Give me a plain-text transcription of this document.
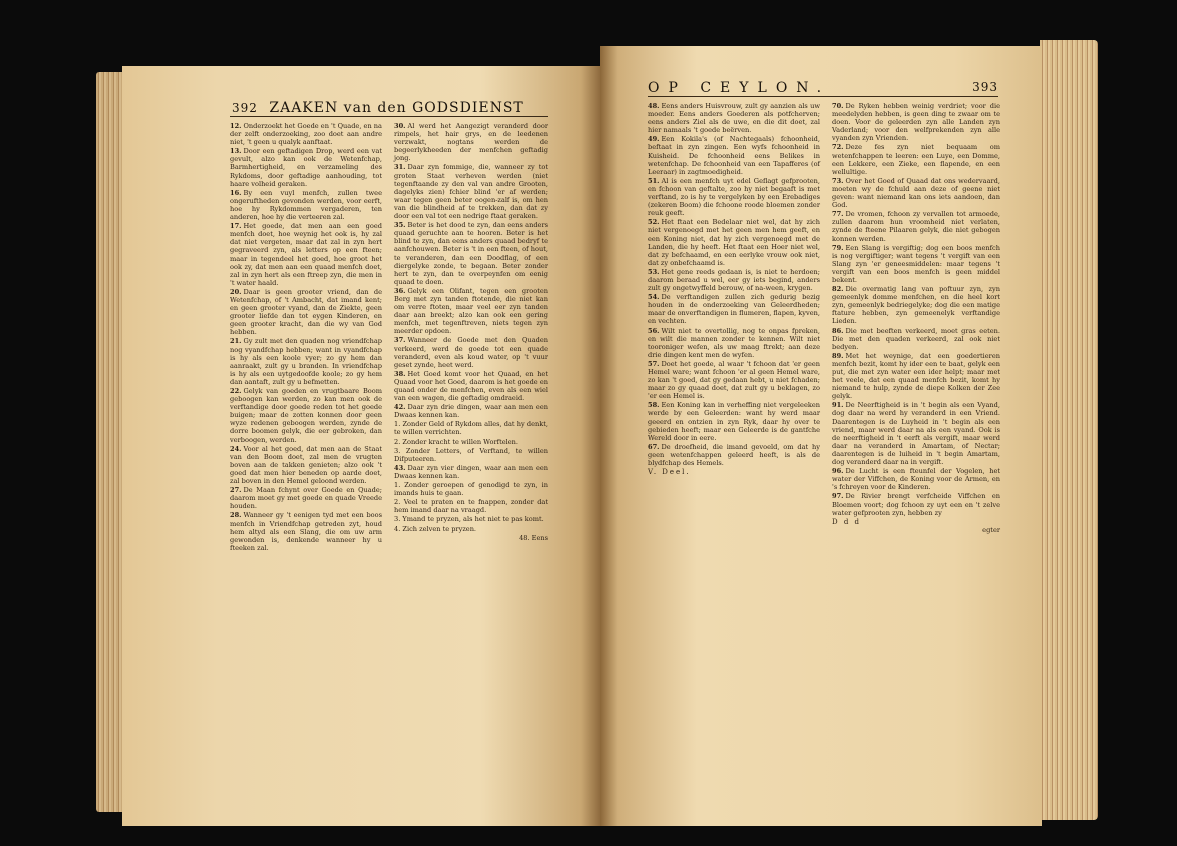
392 ZAAKEN van den GODSDIENST

12. Onderzoekt het Goede en 't Quade, en na der zelft onderzoeking, zoo doet aan andre niet, 't geen u qualyk aanftaat.

13. Door een geftadigen Drop, werd een vat gevult, alzo kan ook de Wetenfchap, Barmhertigheid, en verzameling des Rykdoms, door geftadige aanhouding, tot haare volheid geraken.

16. By een vuyl menfch, zullen twee ongeruftheden gevonden werden, voor eerft, hoe hy Rykdommen vergaderen, ten anderen, hoe hy die verteeren zal.

17. Het goede, dat men aan een goed menfch doet, hoe weynig het ook is, hy zal dat niet vergeten, maar dat zal in zyn hert gegraveerd zyn, als letters op een fteen; maar in tegendeel het goed, hoe groot het ook zy, dat men aan een quaad menfch doet, zal in zyn hert als een ftreep zyn, die men in 't water haald.

20. Daar is geen grooter vriend, dan de Wetenfchap, of 't Ambacht, dat imand kent; en geen grooter vyand, dan de Ziekte, geen grooter liefde dan tot eygen Kinderen, en geen grooter kracht, dan die wy van God hebben.

21. Gy zult met den quaden nog vriendfchap nog vyandfchap hebben; want in vyandfchap is hy als een koole vyer; zo gy hem dan aanraakt, zult gy u branden. In vriendfchap is hy als een uytgedoofde koole; zo gy hem dan aantaft, zult gy u befmetten.

22. Gelyk van goeden en vrugtbaare Boom geboogen kan werden, zo kan men ook de verftandige door goede reden tot het goede buigen; maar de zotten konnen door geen wyze redenen geboogen werden, zynde de dorre boomen gelyk, die eer gebroken, dan verboogen, werden.

24. Voor al het goed, dat men aan de Staat van den Boom doet, zal men de vrugten boven aan de takken genieten; alzo ook 't goed dat men hier beneden op aarde doet, zal boven in den Hemel geloond werden.

27. De Maan fchynt over Goede en Quade; daarom moet gy met goede en quade Vreede houden.

28. Wanneer gy 't eenigen tyd met een boos menfch in Vriendfchap getreden zyt, houd hem altyd als een Slang, die om uw arm gewonden is, denkende wanneer hy u fteeken zal.

30. Al werd het Aangezigt veranderd door rimpels, het hair grys, en de leedenen verzwakt, nogtans werden de begeerlykheeden der menfchen geftadig jong.

31. Daar zyn fommige, die, wanneer zy tot groten Staat verheven werden (niet tegenftaande zy den val van andre Grooten, dagelyks zien) fchier blind 'er af werden; waar tegen geen beter oogen-zalf is, om hen van die blindheid af te trekken, dan dat zy door een val tot een nedrige ftaat geraken.

35. Beter is het dood te zyn, dan eens anders quaad geruchte aan te hooren. Beter is het blind te zyn, dan eens anders quaad bedryf te aanfchouwen. Beter is 't in een fteen, of hout, te veranderen, dan een Doodflag, of een diergelyke zonde, te begaan. Beter zonder hert te zyn, dan te overpeynfen om eenig quaad te doen.

36. Gelyk een Olifant, tegen een grooten Berg met zyn tanden ftotende, die niet kan om verre ftoten, maar veel eer zyn tanden daar aan breekt; alzo kan ook een gering menfch, met tegenftreven, niets tegen zyn meerder opdoen.

37. Wanneer de Goede met den Quaden verkeerd, werd de goede tot een quade veranderd, even als koud water, op 't vuur geset zynde, heet werd.

38. Het Goed komt voor het Quaad, en het Quaad voor het Goed, daarom is het goede en quaad onder de menfchen, even als een wiel van een wagen, die geftadig omdraeid.

42. Daar zyn drie dingen, waar aan men een Dwaas kennen kan.

1. Zonder Geld of Rykdom alles, dat hy denkt, te willen verrichten.

2. Zonder kracht te willen Worftelen.

3. Zonder Letters, of Verftand, te willen Difputeeren.

43. Daar zyn vier dingen, waar aan men een Dwaas kennen kan.

1. Zonder geroepen of genodigd te zyn, in imands huis te gaan.

2. Veel te praten en te fnappen, zonder dat hem imand daar na vraagd.

3. Ymand te pryzen, als het niet te pas komt.

4. Zich zelven te pryzen.

48. Eens
OP CEYLON.	393

48. Eens anders Huisvrouw, zult gy aanzien als uw moeder. Eens anders Goederen als potfcherven; eens anders Ziel als de uwe, en die dit doet, zal hier namaals 't goede beërven.

49. Een Kokila's (of Nachtegaals) fchoonheid, beftaat in zyn zingen. Een wyfs fchoonheid in Kuisheid. De fchoonheid eens Belikes in wetenfchap. De fchoonheid van een Tapafferes (of Leeraar) in zagtmoedigheid.

51. Al is een menfch uyt edel Geflagt gefprooten, en fchoon van geftalte, zoo hy niet begaaft is met verftand, zo is hy te vergelyken by een Erebadiges (zekeren Boom) die fchoone roode bloemen zonder reuk geeft.

52. Het ftaat een Bedelaar niet wel, dat hy zich niet vergenoegd met het geen men hem geeft, en een Koning niet, dat hy zich vergenoegd met de Landen, die hy heeft. Het ftaat een Hoer niet wel, dat zy befchaamd, en een eerlyke vrouw ook niet, dat zy onbefchaamd is.

53. Het gene reeds gedaan is, is niet te herdoen; daarom beraad u wel, eer gy iets begind, anders zult gy ongetwyffeld berouw, of na-ween, krygen.

54. De verftandigen zullen zich gedurig bezig houden in de onderzoeking van Geleerdheden; maar de onverftandigen in flumeren, flapen, kyven, en vechten.

56. Wilt niet te overtollig, nog te onpas fpreken, en wilt die mannen zonder te kennen. Wilt niet tooroniger wefen, als uw maag ftrekt; aan deze drie dingen kent men de wyfen.

57. Doet het goede, al waar 't fchoon dat 'er geen Hemel ware; want fchoon 'er al geen Hemel ware, zo kan 't goed, dat gy gedaan hebt, u niet fchaden; maar zo gy quaad doet, dat zult gy u beklagen, zo 'er een Hemel is.

58. Een Koning kan in verheffing niet vergeleeken werde by een Geleerden: want hy werd maar geeerd en ontzien in zyn Ryk, daar hy over te gebieden heeft; maar een Geleerde is de gantfche Wereld door in eere.

67. De droefheid, die imand gevoeld, om dat hy geen wetenfchappen geleerd heeft, is als de blydfchap des Hemels.

V. Deel.

70. De Ryken hebben weinig verdriet; voor die meedelyden hebben, is geen ding te zwaar om te doen. Voor de geleerden zyn alle Landen zyn Vaderland; voor den welfprekenden zyn alle vyanden zyn Vrienden.

72. Deze fes zyn niet bequaam om wetenfchappen te leeren: een Luye, een Domme, een Lekkere, een Zieke, een flapende, en een wellultige.

73. Over het Goed of Quaad dat ons wedervaard, moeten wy de fchuld aan deze of geene niet geven: want niemand kan ons iets aandoen, dan God.

77. De vromen, fchoon zy vervallen tot armoede, zullen daarom hun vroomheid niet verlaten, zynde de fteene Pilaaren gelyk, die niet gebogen konnen werden.

79. Een Slang is vergiftig; dog een boos menfch is nog vergiftiger; want tegens 't vergift van een Slang zyn 'er geneesmiddelen: maar tegens 't vergift van een boos menfch is geen middel bekent.

82. Die overmatig lang van poftuur zyn, zyn gemeenlyk domme menfchen, en die heel kort zyn, gemeenlyk bedriegelyke; dog die een matige ftature hebben, zyn gemeenelyk verftandige Lieden.

86. Die met beeften verkeerd, moet gras eeten. Die met den quaden verkeerd, zal ook niet bedyen.

89. Met het weynige, dat een goedertieren menfch bezit, komt hy ider een te baat, gelyk een put, die met zyn water een ider helpt; maar met het veele, dat een quaad menfch bezit, komt hy niemand te hulp, zynde de diepe Kolken der Zee gelyk.

91. De Neerftigheid is in 't begin als een Vyand, dog daar na werd hy veranderd in een Vriend. Daarentegen is de Luyheid in 't begin als een vriend, maar werd daar na als een vyand. Ook is de neerftigheid in 't eerft als vergift, maar werd daar na veranderd in Amartam, of Nectar; daarentegen is de luiheid in 't begin Amartam, dog veranderd daar na in vergift.

96. De Lucht is een fteunfel der Vogelen, het water der Viffchen, de Koning voor de Armen, en 's fchreyen voor de Kinderen.

97. De Rivier brengt verfcheide Viffchen en Bloemen voort; dog fchoon zy uyt een en 't zelve water gefprooten zyn, hebben zy

D d d
egter
